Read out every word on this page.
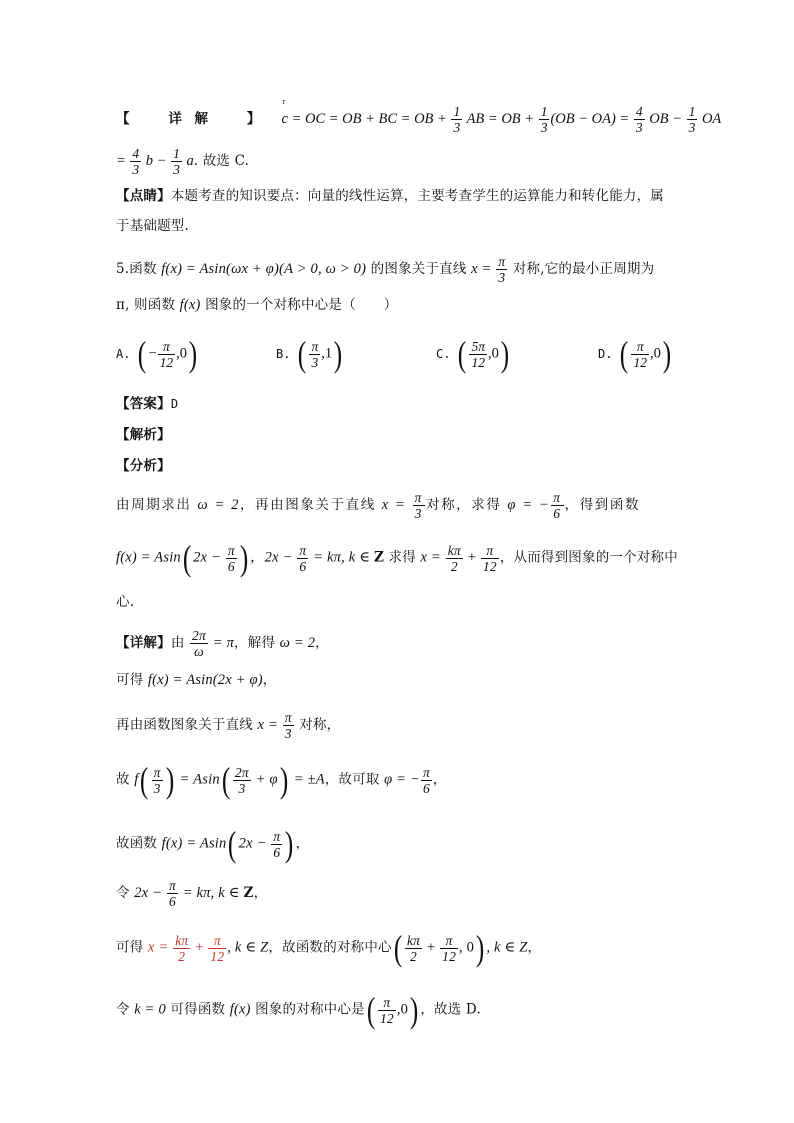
【	详 解	】    r c = OC = OB + BC = OB + $\frac{1}{3}$ AB = OB + $\frac{1}{3} (OB - OA) = \frac{4}{3}$ OB − $\frac{1}{3}$ OA
= $\frac{4}{3}$ $b - \frac{1}{3} a$. 故选 C.
【点睛】本题考查的知识要点：向量的线性运算，主要考查学生的运算能力和转化能力，属
于基础题型.
5.函数 f(x) = Asin(ωx + φ)(A > 0, ω > 0) 的图象关于直线 $x = \frac{\pi}{3}$ 对称,它的最小正周期为
π, 则函数 f(x) 图象的一个对称中心是（ ）
A. ( − $\frac{\pi}{12} ,0$)	B. ( $\frac{\pi}{3} ,1$)	C. ( $\frac{5\pi}{12} ,0$)	D. ( $\frac{\pi}{12} ,0$)
【答案】D
【解析】
【分析】
由周期求出 ω = 2，再由图象关于直线 $x = \frac{\pi}{3}$ 对称，求得 φ = − $\frac{\pi}{6}$ ，得到函数
f(x) = Asin( $2x - \frac{\pi}{6}$ ) ，$2x - \frac{\pi}{6} = k\pi$, k ∈ Z 求得 $x = \frac{k\pi}{2} + \frac{\pi}{12}$ ，从而得到图象的一个对称中
心.
【详解】由 $\frac{2\pi}{\omega} = \pi$，解得 ω = 2，
可得 f(x) = Asin(2x + φ)，
再由函数图象关于直线 $x = \frac{\pi}{3}$ 对称，
故 $f( \frac{\pi}{3}$ ) = $Asin( \frac{2\pi}{3} + \varphi) = \pm A$，故可取 φ = − $\frac{\pi}{6}$ ，
故函数 f(x) = Asin( $2x - \frac{\pi}{6}$ ) ，
令 $2x - \frac{\pi}{6} = k\pi$, k ∈ Z，
可得 $x = \frac{k\pi}{2} + \frac{\pi}{12}$ , k ∈ Z，故函数的对称中心( $\frac{k\pi}{2} + \frac{\pi}{12}$ , 0) , k ∈ Z，
令 k = 0 可得函数 f(x) 图象的对称中心是( $\frac{\pi}{12} ,0$) ，故选 D.
